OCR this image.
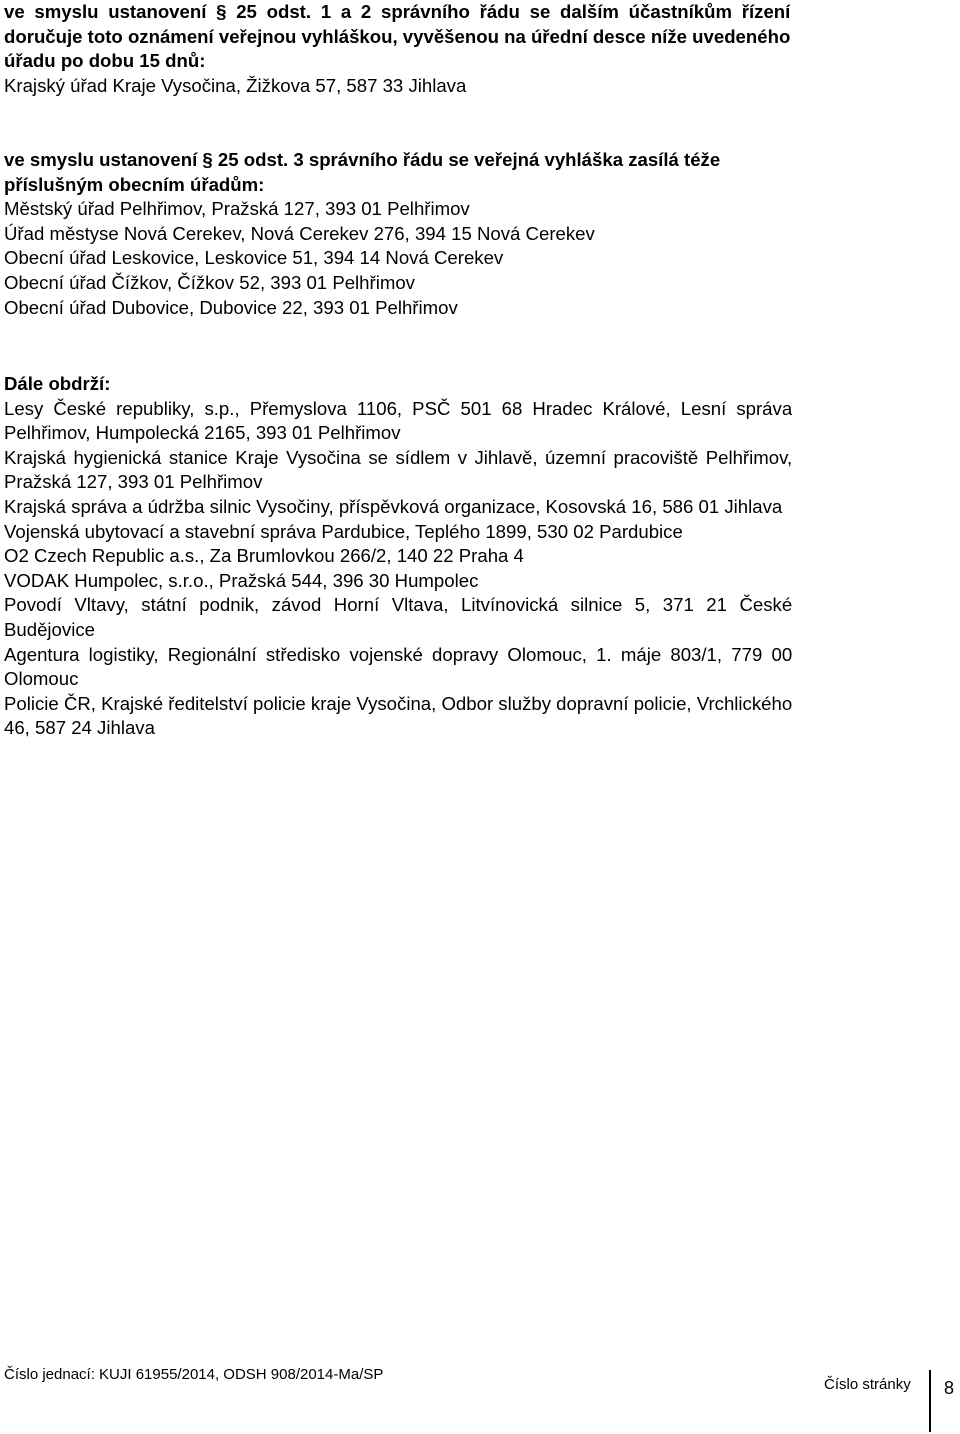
ve smyslu ustanovení § 25 odst. 1 a 2 správního řádu se dalším účastníkům řízení
doručuje toto oznámení veřejnou vyhláškou, vyvěšenou na úřední desce níže uvedeného
úřadu po dobu 15 dnů:
Krajský úřad Kraje Vysočina, Žižkova 57, 587 33 Jihlava
ve smyslu ustanovení § 25 odst. 3 správního řádu se veřejná vyhláška zasílá téže
příslušným obecním úřadům:
Městský úřad Pelhřimov, Pražská 127, 393 01 Pelhřimov
Úřad městyse Nová Cerekev, Nová Cerekev 276, 394 15 Nová Cerekev
Obecní úřad Leskovice, Leskovice 51, 394 14 Nová Cerekev
Obecní úřad Čížkov, Čížkov 52, 393 01 Pelhřimov
Obecní úřad Dubovice, Dubovice 22, 393 01 Pelhřimov
Dále obdrží:
Lesy České republiky, s.p., Přemyslova 1106, PSČ 501 68 Hradec Králové, Lesní správa
Pelhřimov, Humpolecká 2165, 393 01 Pelhřimov
Krajská hygienická stanice Kraje Vysočina se sídlem v Jihlavě, územní pracoviště Pelhřimov,
Pražská 127, 393 01 Pelhřimov
Krajská správa a údržba silnic Vysočiny, příspěvková organizace, Kosovská 16, 586 01 Jihlava
Vojenská ubytovací a stavební správa Pardubice, Teplého 1899, 530 02 Pardubice
O2 Czech Republic a.s., Za Brumlovkou 266/2, 140 22 Praha 4
VODAK Humpolec, s.r.o., Pražská 544, 396 30 Humpolec
Povodí Vltavy, státní podnik, závod Horní Vltava, Litvínovická silnice 5, 371 21 České
Budějovice
Agentura logistiky, Regionální středisko vojenské dopravy Olomouc, 1. máje 803/1, 779 00
Olomouc
Policie ČR, Krajské ředitelství policie kraje Vysočina, Odbor služby dopravní policie, Vrchlického
46, 587 24 Jihlava
Číslo jednací: KUJI 61955/2014, ODSH 908/2014-Ma/SP
Číslo stránky 8
